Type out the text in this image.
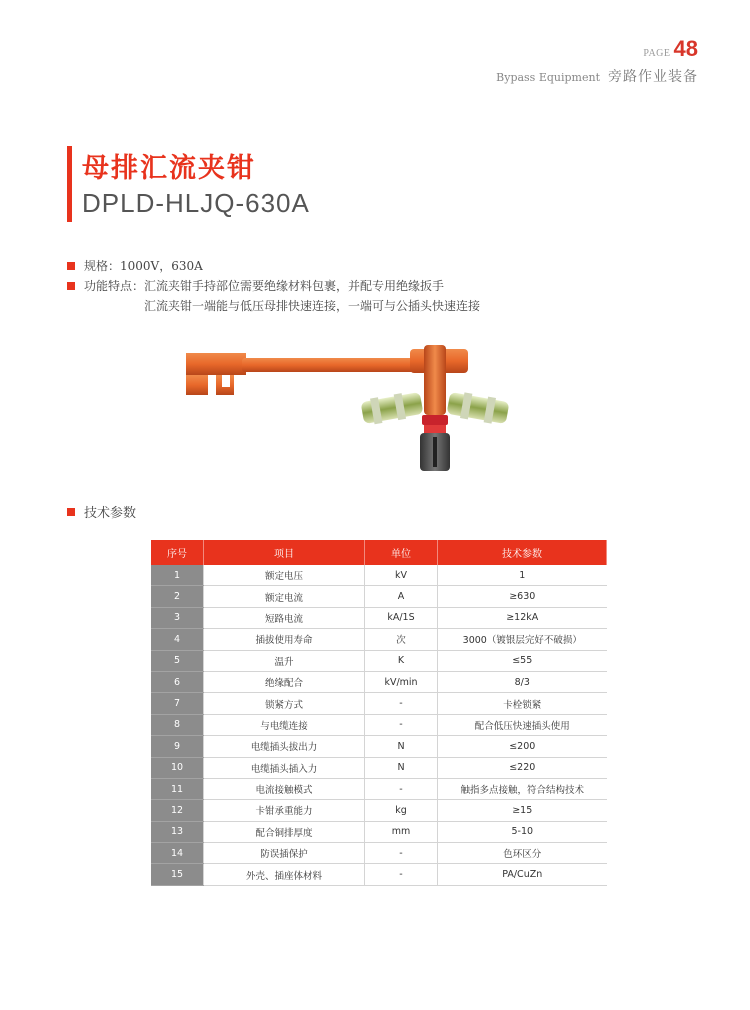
PAGE 48
Bypass Equipment 旁路作业装备
母排汇流夹钳
DPLD-HLJQ-630A
规格：1000V，630A
功能特点：汇流夹钳手持部位需要绝缘材料包裹，并配专用绝缘扳手
汇流夹钳一端能与低压母排快速连接，一端可与公插头快速连接
技术参数
序号	项目	单位	技术参数
1	额定电压	kV	1
2	额定电流	A	≥630
3	短路电流	kA/1S	≥12kA
4	插拔使用寿命	次	3000（镀银层完好不破损）
5	温升	K	≤55
6	绝缘配合	kV/min	8/3
7	锁紧方式	-	卡栓锁紧
8	与电缆连接	-	配合低压快速插头使用
9	电缆插头拔出力	N	≤200
10	电缆插头插入力	N	≤220
11	电流接触模式	-	触指多点接触，符合结构技术
12	卡钳承重能力	kg	≥15
13	配合铜排厚度	mm	5-10
14	防误插保护	-	色环区分
15	外壳、插座体材料	-	PA/CuZn
